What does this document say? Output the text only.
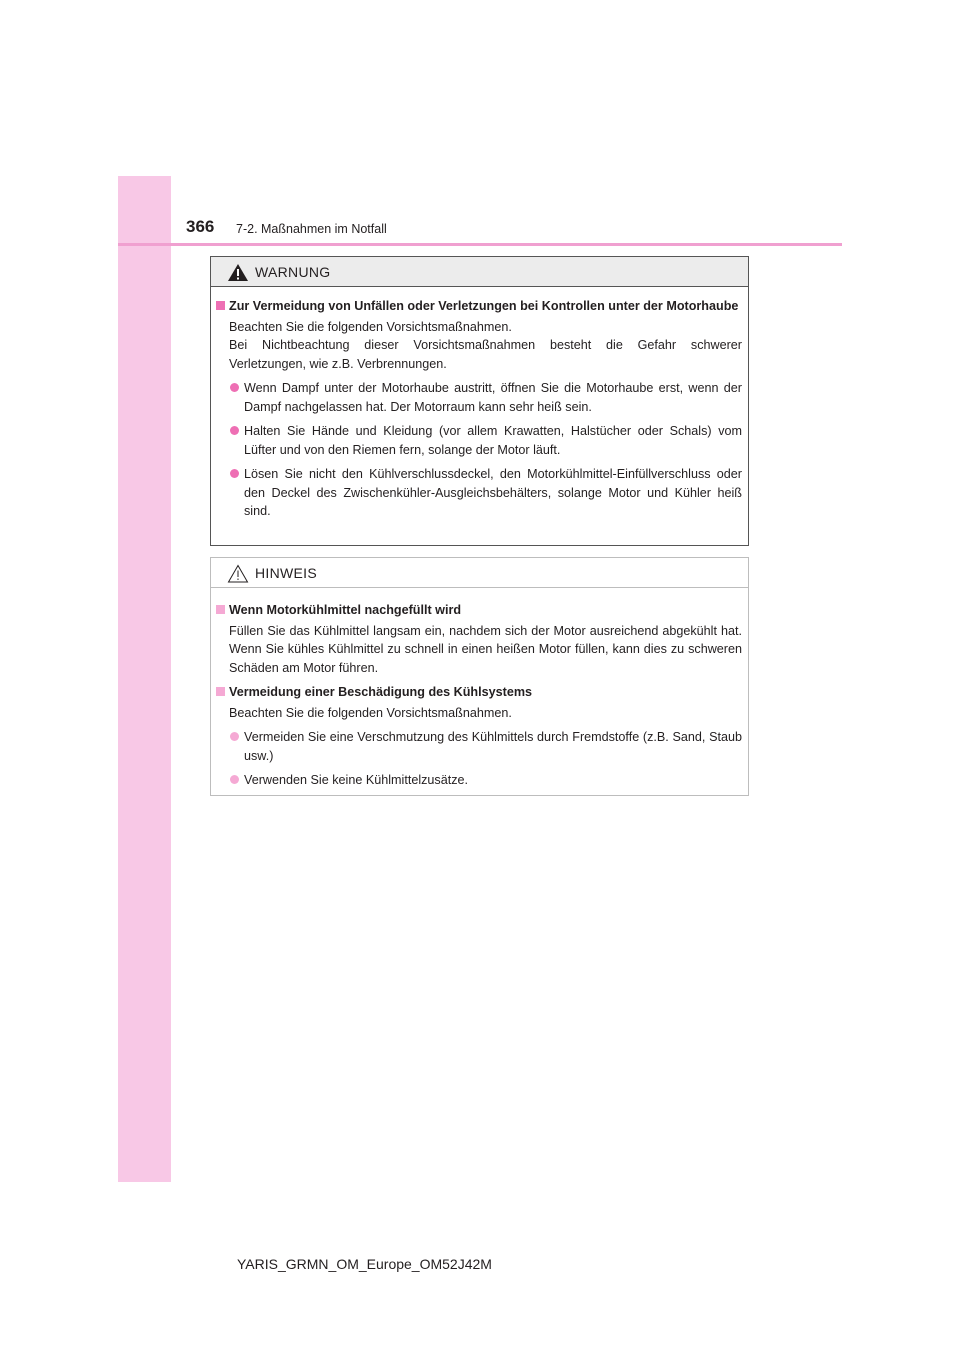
366 7-2. Maßnahmen im Notfall
WARNUNG

Zur Vermeidung von Unfällen oder Verletzungen bei Kontrollen unter der Motorhaube

Beachten Sie die folgenden Vorsichtsmaßnahmen.

Bei Nichtbeachtung dieser Vorsichtsmaßnahmen besteht die Gefahr schwerer Verletzungen, wie z.B. Verbrennungen.

Wenn Dampf unter der Motorhaube austritt, öffnen Sie die Motorhaube erst, wenn der Dampf nachgelassen hat. Der Motorraum kann sehr heiß sein.

Halten Sie Hände und Kleidung (vor allem Krawatten, Halstücher oder Schals) vom Lüfter und von den Riemen fern, solange der Motor läuft.

Lösen Sie nicht den Kühlverschlussdeckel, den Motorkühlmittel-Einfüllverschluss oder den Deckel des Zwischenkühler-Ausgleichsbehälters, solange Motor und Kühler heiß sind.

HINWEIS

Wenn Motorkühlmittel nachgefüllt wird

Füllen Sie das Kühlmittel langsam ein, nachdem sich der Motor ausreichend abgekühlt hat. Wenn Sie kühles Kühlmittel zu schnell in einen heißen Motor füllen, kann dies zu schweren Schäden am Motor führen.

Vermeidung einer Beschädigung des Kühlsystems

Beachten Sie die folgenden Vorsichtsmaßnahmen.

Vermeiden Sie eine Verschmutzung des Kühlmittels durch Fremdstoffe (z.B. Sand, Staub usw.)

Verwenden Sie keine Kühlmittelzusätze.

YARIS_GRMN_OM_Europe_OM52J42M
